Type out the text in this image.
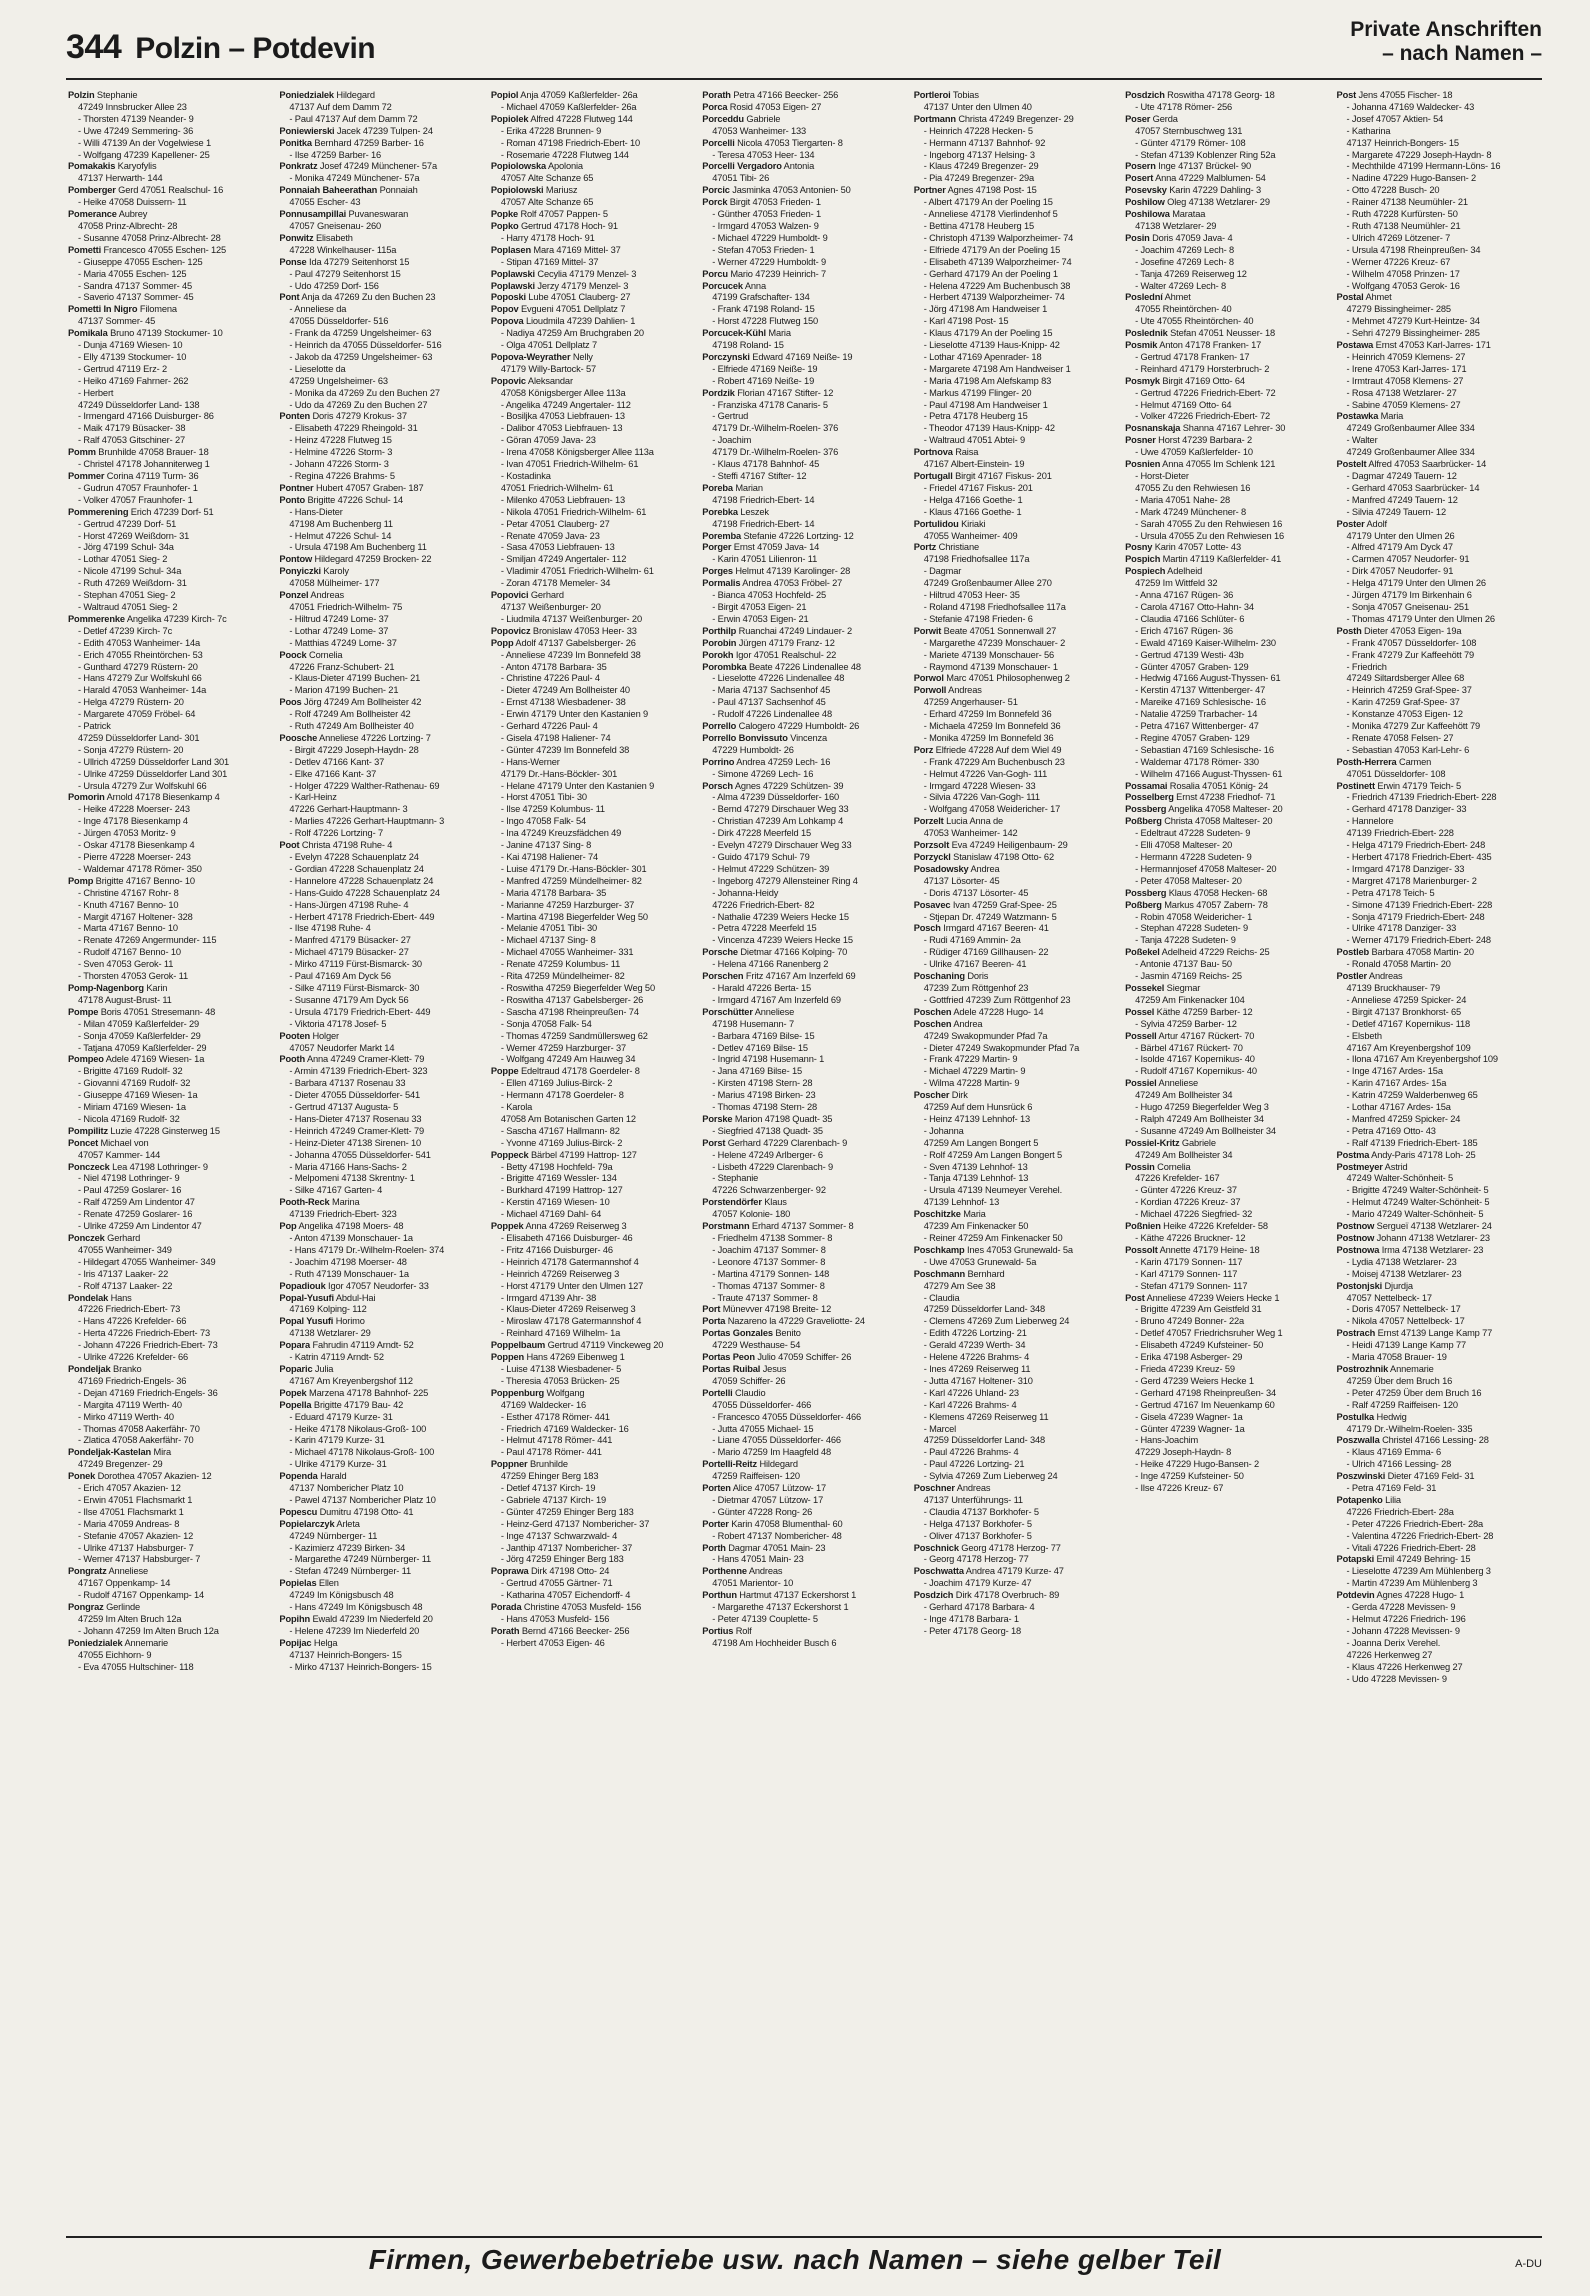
344 Polzin – Potdevin
Private Anschriften
– nach Namen –
Polzin Stephanie
47249 Innsbrucker Allee 23
- Thorsten 47139 Neander- 9
- Uwe 47249 Semmering- 36
- Willi 47139 An der Vogelwiese 1
- Wolfgang 47239 Kapellener- 25
Pomakakis Karyofylis
47137 Herwarth- 144
Pomberger Gerd 47051 Realschul- 16
- Heike 47058 Duissern- 11
Pomerance Aubrey
47058 Prinz-Albrecht- 28
- Susanne 47058 Prinz-Albrecht- 28
Pometti Francesco 47055 Eschen- 125
- Giuseppe 47055 Eschen- 125
- Maria 47055 Eschen- 125
- Sandra 47137 Sommer- 45
- Saverio 47137 Sommer- 45
Pometti In Nigro Filomena
47137 Sommer- 45
Pomikala Bruno 47139 Stockumer- 10
- Dunja 47169 Wiesen- 10
- Elly 47139 Stockumer- 10
- Gertrud 47119 Erz- 2
- Heiko 47169 Fahrner- 262
- Herbert
47249 Düsseldorfer Land- 138
- Irmengard 47166 Duisburger- 86
- Maik 47179 Büsacker- 38
- Ralf 47053 Gitschiner- 27
Pomm Brunhilde 47058 Brauer- 18
- Christel 47178 Johanniterweg 1
Pommer Corina 47119 Turm- 36
- Gudrun 47057 Fraunhofer- 1
- Volker 47057 Fraunhofer- 1
Pommerening Erich 47239 Dorf- 51
- Gertrud 47239 Dorf- 51
- Horst 47269 Weißdorn- 31
- Jörg 47199 Schul- 34a
- Lothar 47051 Sieg- 2
- Nicole 47199 Schul- 34a
- Ruth 47269 Weißdorn- 31
- Stephan 47051 Sieg- 2
- Waltraud 47051 Sieg- 2
Pommerenke Angelika 47239 Kirch- 7c
- Detlef 47239 Kirch- 7c
- Edith 47053 Wanheimer- 14a
- Erich 47055 Rheintörchen- 53
- Gunthard 47279 Rüstern- 20
- Hans 47279 Zur Wolfskuhl 66
- Harald 47053 Wanheimer- 14a
- Helga 47279 Rüstern- 20
- Margarete 47059 Fröbel- 64
- Patrick
47259 Düsseldorfer Land- 301
- Sonja 47279 Rüstern- 20
- Ullrich 47259 Düsseldorfer Land 301
- Ulrike 47259 Düsseldorfer Land 301
- Ursula 47279 Zur Wolfskuhl 66
Pomorin Arnold 47178 Biesenkamp 4
- Heike 47228 Moerser- 243
- Inge 47178 Biesenkamp 4
- Jürgen 47053 Moritz- 9
- Oskar 47178 Biesenkamp 4
- Pierre 47228 Moerser- 243
- Waldemar 47178 Römer- 350
Pomp Brigitte 47167 Benno- 10
- Christine 47167 Rohr- 8
- Knuth 47167 Benno- 10
- Margit 47167 Holtener- 328
- Marta 47167 Benno- 10
- Renate 47269 Angermunder- 115
- Rudolf 47167 Benno- 10
- Sven 47053 Gerok- 11
- Thorsten 47053 Gerok- 11
Pomp-Nagenborg Karin
47178 August-Brust- 11
Pompe Boris 47051 Stresemann- 48
- Milan 47059 Kaßlerfelder- 29
- Sonja 47059 Kaßlerfelder- 29
- Tatjana 47059 Kaßlerfelder- 29
Pompeo Adele 47169 Wiesen- 1a
- Brigitte 47169 Rudolf- 32
- Giovanni 47169 Rudolf- 32
- Giuseppe 47169 Wiesen- 1a
- Miriam 47169 Wiesen- 1a
- Nicola 47169 Rudolf- 32
Pompilitz Luzie 47228 Ginsterweg 15
Poncet Michael von
47057 Kammer- 144
Ponczeck Lea 47198 Lothringer- 9
- Niel 47198 Lothringer- 9
- Paul 47259 Goslarer- 16
- Ralf 47259 Am Lindentor 47
- Renate 47259 Goslarer- 16
- Ulrike 47259 Am Lindentor 47
Ponczek Gerhard
47055 Wanheimer- 349
- Hildegart 47055 Wanheimer- 349
- Iris 47137 Laaker- 22
- Rolf 47137 Laaker- 22
Pondelak Hans
47226 Friedrich-Ebert- 73
- Hans 47226 Krefelder- 66
- Herta 47226 Friedrich-Ebert- 73
- Johann 47226 Friedrich-Ebert- 73
- Ulrike 47226 Krefelder- 66
Pondeljak Branko
47169 Friedrich-Engels- 36
- Dejan 47169 Friedrich-Engels- 36
- Margita 47119 Werth- 40
- Mirko 47119 Werth- 40
- Thomas 47058 Aakerfähr- 70
- Zlatica 47058 Aakerfähr- 70
Pondeljak-Kastelan Mira
47249 Bregenzer- 29
Ponek Dorothea 47057 Akazien- 12
- Erich 47057 Akazien- 12
- Erwin 47051 Flachsmarkt 1
- Ilse 47051 Flachsmarkt 1
- Maria 47059 Andreas- 8
- Stefanie 47057 Akazien- 12
- Ulrike 47137 Habsburger- 7
- Werner 47137 Habsburger- 7
Pongratz Anneliese
47167 Oppenkamp- 14
- Rudolf 47167 Oppenkamp- 14
Pongraz Gerlinde
47259 Im Alten Bruch 12a
- Johann 47259 Im Alten Bruch 12a
Poniedzialek Annemarie
47055 Eichhorn- 9
- Eva 47055 Hultschiner- 118
Poniedzialek Hildegard
47137 Auf dem Damm 72
- Paul 47137 Auf dem Damm 72
Poniewierski Jacek 47239 Tulpen- 24
Ponitka Bernhard 47259 Barber- 16
- Ilse 47259 Barber- 16
Ponkratz Josef 47249 Münchener- 57a
- Monika 47249 Münchener- 57a
Ponnaiah Baheerathan Ponnaiah
47055 Escher- 43
Ponnusampillai Puvaneswaran
47057 Gneisenau- 260
Ponwitz Elisabeth
47228 Winkelhauser- 115a
Ponse Ida 47279 Seitenhorst 15
- Paul 47279 Seitenhorst 15
- Udo 47259 Dorf- 156
Pont Anja da 47269 Zu den Buchen 23
- Anneliese da
47055 Düsseldorfer- 516
- Frank da 47259 Ungelsheimer- 63
- Heinrich da 47055 Düsseldorfer- 516
- Jakob da 47259 Ungelsheimer- 63
- Lieselotte da
47259 Ungelsheimer- 63
- Monika da 47269 Zu den Buchen 27
- Udo da 47269 Zu den Buchen 27
Ponten Doris 47279 Krokus- 37
- Elisabeth 47229 Rheingold- 31
- Heinz 47228 Flutweg 15
- Helmine 47226 Storm- 3
- Johann 47226 Storm- 3
- Regina 47226 Brahms- 5
Pontner Hubert 47057 Graben- 187
Ponto Brigitte 47226 Schul- 14
- Hans-Dieter
47198 Am Buchenberg 11
- Helmut 47226 Schul- 14
- Ursula 47198 Am Buchenberg 11
Pontow Hildegard 47259 Brocken- 22
Ponyiczki Karoly
47058 Mülheimer- 177
Ponzel Andreas
47051 Friedrich-Wilhelm- 75
- Hiltrud 47249 Lome- 37
- Lothar 47249 Lome- 37
- Matthias 47249 Lome- 37
Poock Cornelia
47226 Franz-Schubert- 21
- Klaus-Dieter 47199 Buchen- 21
- Marion 47199 Buchen- 21
Poos Jörg 47249 Am Bollheister 42
- Rolf 47249 Am Bollheister 42
- Ruth 47249 Am Bollheister 40
Poosche Anneliese 47226 Lortzing- 7
- Birgit 47229 Joseph-Haydn- 28
- Detlev 47166 Kant- 37
- Elke 47166 Kant- 37
- Holger 47229 Walther-Rathenau- 69
- Karl-Heinz
47226 Gerhart-Hauptmann- 3
- Marlies 47226 Gerhart-Hauptmann- 3
- Rolf 47226 Lortzing- 7
Poot Christa 47198 Ruhe- 4
- Evelyn 47228 Schauenplatz 24
- Gordian 47228 Schauenplatz 24
- Hannelore 47228 Schauenplatz 24
- Hans-Guido 47228 Schauenplatz 24
- Hans-Jürgen 47198 Ruhe- 4
- Herbert 47178 Friedrich-Ebert- 449
- Ilse 47198 Ruhe- 4
- Manfred 47179 Büsacker- 27
- Michael 47179 Büsacker- 27
- Mirko 47119 Fürst-Bismarck- 30
- Paul 47169 Am Dyck 56
- Silke 47119 Fürst-Bismarck- 30
- Susanne 47179 Am Dyck 56
- Ursula 47179 Friedrich-Ebert- 449
- Viktoria 47178 Josef- 5
Pooten Holger
47057 Neudorfer Markt 14
Pooth Anna 47249 Cramer-Klett- 79
- Armin 47139 Friedrich-Ebert- 323
- Barbara 47137 Rosenau 33
- Dieter 47055 Düsseldorfer- 541
- Gertrud 47137 Augusta- 5
- Hans-Dieter 47137 Rosenau 33
- Heinrich 47249 Cramer-Klett- 79
- Heinz-Dieter 47138 Sirenen- 10
- Johanna 47055 Düsseldorfer- 541
- Maria 47166 Hans-Sachs- 2
- Melpomeni 47138 Skrentny- 1
- Silke 47167 Garten- 4
Pooth-Reck Marina
47139 Friedrich-Ebert- 323
Pop Angelika 47198 Moers- 48
- Anton 47139 Monschauer- 1a
- Hans 47179 Dr.-Wilhelm-Roelen- 374
- Joachim 47198 Moerser- 48
- Ruth 47139 Monschauer- 1a
Popadiouk Igor 47057 Neudorfer- 33
Popal-Yusufi Abdul-Hai
47169 Kolping- 112
Popal Yusufi Horimo
47138 Wetzlarer- 29
Popara Fahrudin 47119 Arndt- 52
- Katrin 47119 Arndt- 52
Poparic Julia
47167 Am Kreyenbergshof 112
Popek Marzena 47178 Bahnhof- 225
Popella Brigitte 47179 Bau- 42
- Eduard 47179 Kurze- 31
- Heike 47178 Nikolaus-Groß- 100
- Karin 47179 Kurze- 31
- Michael 47178 Nikolaus-Groß- 100
- Ulrike 47179 Kurze- 31
Popenda Harald
47137 Nombericher Platz 10
- Pawel 47137 Nombericher Platz 10
Popescu Dumitru 47198 Otto- 41
Popielarczyk Arleta
47249 Nürnberger- 11
- Kazimierz 47239 Birken- 34
- Margarethe 47249 Nürnberger- 11
- Stefan 47249 Nürnberger- 11
Popielas Ellen
47249 Im Königsbusch 48
- Hans 47249 Im Königsbusch 48
Popihn Ewald 47239 Im Niederfeld 20
- Helene 47239 Im Niederfeld 20
Popijac Helga
47137 Heinrich-Bongers- 15
- Mirko 47137 Heinrich-Bongers- 15
Popiol Anja 47059 Kaßlerfelder- 26a
- Michael 47059 Kaßlerfelder- 26a
Popiolek Alfred 47228 Flutweg 144
- Erika 47228 Brunnen- 9
- Roman 47198 Friedrich-Ebert- 10
- Rosemarie 47228 Flutweg 144
Popiolowska Apolonia
47057 Alte Schanze 65
Popiolowski Mariusz
47057 Alte Schanze 65
Popke Rolf 47057 Pappen- 5
Popko Gertrud 47178 Hoch- 91
- Harry 47178 Hoch- 91
Poplasen Mara 47169 Mittel- 37
- Stipan 47169 Mittel- 37
Poplawski Cecylia 47179 Menzel- 3
Poplawski Jerzy 47179 Menzel- 3
Poposki Lube 47051 Clauberg- 27
Popov Evgueni 47051 Dellplatz 7
Popova Lioudmila 47239 Dahlien- 1
- Nadiya 47259 Am Bruchgraben 20
- Olga 47051 Dellplatz 7
Popova-Weyrather Nelly
47179 Willy-Bartock- 57
Popovic Aleksandar
47058 Königsberger Allee 113a
- Angelika 47249 Angertaler- 112
- Bosiljka 47053 Liebfrauen- 13
- Dalibor 47053 Liebfrauen- 13
- Göran 47059 Java- 23
- Irena 47058 Königsberger Allee 113a
- Ivan 47051 Friedrich-Wilhelm- 61
- Kostadinka
47051 Friedrich-Wilhelm- 61
- Milenko 47053 Liebfrauen- 13
- Nikola 47051 Friedrich-Wilhelm- 61
- Petar 47051 Clauberg- 27
- Renate 47059 Java- 23
- Sasa 47053 Liebfrauen- 13
- Smiljan 47249 Angertaler- 112
- Vladimir 47051 Friedrich-Wilhelm- 61
- Zoran 47178 Memeler- 34
Popovici Gerhard
47137 Weißenburger- 20
- Liudmila 47137 Weißenburger- 20
Popovicz Bronislaw 47053 Heer- 33
Popp Adolf 47137 Gabelsberger- 26
- Anneliese 47239 Im Bonnefeld 38
- Anton 47178 Barbara- 35
- Christine 47226 Paul- 4
- Dieter 47249 Am Bollheister 40
- Ernst 47138 Wiesbadener- 38
- Erwin 47179 Unter den Kastanien 9
- Gerhard 47226 Paul- 4
- Gisela 47198 Haliener- 74
- Günter 47239 Im Bonnefeld 38
- Hans-Werner
47179 Dr.-Hans-Böckler- 301
- Helane 47179 Unter den Kastanien 9
- Horst 47051 Tibi- 30
- Ilse 47259 Kolumbus- 11
- Ingo 47058 Falk- 54
- Ina 47249 Kreuzsfädchen 49
- Janine 47137 Sing- 8
- Kai 47198 Haliener- 74
- Luise 47179 Dr.-Hans-Böckler- 301
- Manfred 47259 Mündelheimer- 82
- Maria 47178 Barbara- 35
- Marianne 47259 Harzburger- 37
- Martina 47198 Biegerfelder Weg 50
- Melanie 47051 Tibi- 30
- Michael 47137 Sing- 8
- Michael 47055 Wanheimer- 331
- Renate 47259 Kolumbus- 11
- Rita 47259 Mündelheimer- 82
- Roswitha 47259 Biegerfelder Weg 50
- Roswitha 47137 Gabelsberger- 26
- Sascha 47198 Rheinpreußen- 74
- Sonja 47058 Falk- 54
- Thomas 47259 Sandmüllersweg 62
- Werner 47259 Harzburger- 37
- Wolfgang 47249 Am Hauweg 34
Poppe Edeltraud 47178 Goerdeler- 8
- Ellen 47169 Julius-Birck- 2
- Hermann 47178 Goerdeler- 8
- Karola
47058 Am Botanischen Garten 12
- Sascha 47167 Hallmann- 82
- Yvonne 47169 Julius-Birck- 2
Poppeck Bärbel 47199 Hattrop- 127
- Betty 47198 Hochfeld- 79a
- Brigitte 47169 Wessler- 134
- Burkhard 47199 Hattrop- 127
- Kerstin 47169 Wiesen- 10
- Michael 47169 Dahl- 64
Poppek Anna 47269 Reiserweg 3
- Elisabeth 47166 Duisburger- 46
- Fritz 47166 Duisburger- 46
- Heinrich 47178 Gatermannshof 4
- Heinrich 47269 Reiserweg 3
- Horst 47179 Unter den Ulmen 127
- Irmgard 47139 Ahr- 38
- Klaus-Dieter 47269 Reiserweg 3
- Miroslaw 47178 Gatermannshof 4
- Reinhard 47169 Wilhelm- 1a
Poppelbaum Gertrud 47119 Vinckeweg 20
Poppen Hans 47269 Eibenweg 1
- Luise 47138 Wiesbadener- 5
- Theresia 47053 Brücken- 25
Poppenburg Wolfgang
47169 Waldecker- 16
- Esther 47178 Römer- 441
- Friedrich 47169 Waldecker- 16
- Helmut 47178 Römer- 441
- Paul 47178 Römer- 441
Poppner Brunhilde
47259 Ehinger Berg 183
- Detlef 47137 Kirch- 19
- Gabriele 47137 Kirch- 19
- Günter 47259 Ehinger Berg 183
- Heinz-Gerd 47137 Nombericher- 37
- Inge 47137 Schwarzwald- 4
- Janthip 47137 Nombericher- 37
- Jörg 47259 Ehinger Berg 183
Poprawa Dirk 47198 Otto- 24
- Gertrud 47055 Gärtner- 71
- Katharina 47057 Eichendorff- 4
Porada Christine 47053 Musfeld- 156
- Hans 47053 Musfeld- 156
Porath Bernd 47166 Beecker- 256
- Herbert 47053 Eigen- 46
Porath Petra 47166 Beecker- 256
Porca Rosid 47053 Eigen- 27
Porceddu Gabriele
47053 Wanheimer- 133
Porcelli Nicola 47053 Tiergarten- 8
- Teresa 47053 Heer- 134
Porcelli Vergadoro Antonia
47051 Tibi- 26
Porcic Jasminka 47053 Antonien- 50
Porck Birgit 47053 Frieden- 1
- Günther 47053 Frieden- 1
- Irmgard 47053 Walzen- 9
- Michael 47229 Humboldt- 9
- Stefan 47053 Frieden- 1
- Werner 47229 Humboldt- 9
Porcu Mario 47239 Heinrich- 7
Porcucek Anna
47199 Grafschafter- 134
- Frank 47198 Roland- 15
- Horst 47228 Flutweg 150
Porcucek-Kühl Maria
47198 Roland- 15
Porczynski Edward 47169 Neiße- 19
- Elfriede 47169 Neiße- 19
- Robert 47169 Neiße- 19
Pordzik Florian 47167 Stifter- 12
- Franziska 47178 Canaris- 5
- Gertrud
47179 Dr.-Wilhelm-Roelen- 376
- Joachim
47179 Dr.-Wilhelm-Roelen- 376
- Klaus 47178 Bahnhof- 45
- Steffi 47167 Stifter- 12
Poreba Marian
47198 Friedrich-Ebert- 14
Porebka Leszek
47198 Friedrich-Ebert- 14
Poremba Stefanie 47226 Lortzing- 12
Porger Ernst 47059 Java- 14
- Karin 47051 Lilienron- 11
Porges Helmut 47139 Karolinger- 28
Pormalis Andrea 47053 Fröbel- 27
- Bianca 47053 Hochfeld- 25
- Birgit 47053 Eigen- 21
- Erwin 47053 Eigen- 21
Porthilp Ruanchai 47249 Lindauer- 2
Porobin Jürgen 47179 Franz- 12
Porokh Igor 47051 Realschul- 22
Porombka Beate 47226 Lindenallee 48
- Lieselotte 47226 Lindenallee 48
- Maria 47137 Sachsenhof 45
- Paul 47137 Sachsenhof 45
- Rudolf 47226 Lindenallee 48
Porrello Calogero 47229 Humboldt- 26
Porrello Bonvissuto Vincenza
47229 Humboldt- 26
Porrino Andrea 47259 Lech- 16
- Simone 47269 Lech- 16
Porsch Agnes 47229 Schützen- 39
- Alma 47239 Düsseldorfer- 160
- Bernd 47279 Dirschauer Weg 33
- Christian 47239 Am Lohkamp 4
- Dirk 47228 Meerfeld 15
- Evelyn 47279 Dirschauer Weg 33
- Guido 47179 Schul- 79
- Helmut 47229 Schützen- 39
- Ingeborg 47279 Allensteiner Ring 4
- Johanna-Heidy
47226 Friedrich-Ebert- 82
- Nathalie 47239 Weiers Hecke 15
- Petra 47228 Meerfeld 15
- Vincenza 47239 Weiers Hecke 15
Porsche Dietmar 47166 Kolping- 70
- Helena 47166 Ranenberg 2
Porschen Fritz 47167 Am Inzerfeld 69
- Harald 47226 Berta- 15
- Irmgard 47167 Am Inzerfeld 69
Porschütter Anneliese
47198 Husemann- 7
- Barbara 47169 Bilse- 15
- Detlev 47169 Bilse- 15
- Ingrid 47198 Husemann- 1
- Jana 47169 Bilse- 15
- Kirsten 47198 Stern- 28
- Marius 47198 Birken- 23
- Thomas 47198 Stern- 28
Porske Marion 47198 Quadt- 35
- Siegfried 47138 Quadt- 35
Porst Gerhard 47229 Clarenbach- 9
- Helene 47249 Arlberger- 6
- Lisbeth 47229 Clarenbach- 9
- Stephanie
47226 Schwarzenberger- 92
Porstendörfer Klaus
47057 Kolonie- 180
Porstmann Erhard 47137 Sommer- 8
- Friedhelm 47138 Sommer- 8
- Joachim 47137 Sommer- 8
- Leonore 47137 Sommer- 8
- Martina 47179 Sonnen- 148
- Thomas 47137 Sommer- 8
- Traute 47137 Sommer- 8
Port Münevver 47198 Breite- 12
Porta Nazareno la 47229 Graveliotte- 24
Portas Gonzales Benito
47229 Westhause- 54
Portas Peon Julio 47059 Schiffer- 26
Portas Ruibal Jesus
47059 Schiffer- 26
Portelli Claudio
47055 Düsseldorfer- 466
- Francesco 47055 Düsseldorfer- 466
- Jutta 47055 Michael- 15
- Liane 47055 Düsseldorfer- 466
- Mario 47259 Im Haagfeld 48
Portelli-Reitz Hildegard
47259 Raiffeisen- 120
Porten Alice 47057 Lützow- 17
- Dietmar 47057 Lützow- 17
- Günter 47228 Rong- 26
Porter Karin 47058 Blumenthal- 60
- Robert 47137 Nombericher- 48
Porth Dagmar 47051 Main- 23
- Hans 47051 Main- 23
Porthenne Andreas
47051 Marientor- 10
Porthun Hartmut 47137 Eckershorst 1
- Margarethe 47137 Eckershorst 1
- Peter 47139 Couplette- 5
Portius Rolf
47198 Am Hochheider Busch 6
Portleroi Tobias
47137 Unter den Ulmen 40
Portmann Christa 47249 Bregenzer- 29
- Heinrich 47228 Hecken- 5
- Hermann 47137 Bahnhof- 92
- Ingeborg 47137 Helsing- 3
- Klaus 47249 Bregenzer- 29
- Pia 47249 Bregenzer- 29a
Portner Agnes 47198 Post- 15
- Albert 47179 An der Poeling 15
- Anneliese 47178 Vierlindenhof 5
- Bettina 47178 Heuberg 15
- Christoph 47139 Walporzheimer- 74
- Elfriede 47179 An der Poeling 15
- Elisabeth 47139 Walporzheimer- 74
- Gerhard 47179 An der Poeling 1
- Helena 47229 Am Buchenbusch 38
- Herbert 47139 Walporzheimer- 74
- Jörg 47198 Am Handweiser 1
- Karl 47198 Post- 15
- Klaus 47179 An der Poeling 15
- Lieselotte 47139 Haus-Knipp- 42
- Lothar 47169 Apenrader- 18
- Margarete 47198 Am Handweiser 1
- Maria 47198 Am Alefskamp 83
- Markus 47199 Flinger- 20
- Paul 47198 Am Handweiser 1
- Petra 47178 Heuberg 15
- Theodor 47139 Haus-Knipp- 42
- Waltraud 47051 Abtei- 9
Portnova Raisa
47167 Albert-Einstein- 19
Portugall Birgit 47167 Fiskus- 201
- Friedel 47167 Fiskus- 201
- Helga 47166 Goethe- 1
- Klaus 47166 Goethe- 1
Portulidou Kiriaki
47055 Wanheimer- 409
Portz Christiane
47198 Friedhofsallee 117a
- Dagmar
47249 Großenbaumer Allee 270
- Hiltrud 47053 Heer- 35
- Roland 47198 Friedhofsallee 117a
- Stefanie 47198 Frieden- 6
Porwit Beate 47051 Sonnenwall 27
- Margarethe 47239 Monschauer- 2
- Mariete 47139 Monschauer- 56
- Raymond 47139 Monschauer- 1
Porwol Marc 47051 Philosophenweg 2
Porwoll Andreas
47259 Angerhauser- 51
- Erhard 47259 Im Bonnefeld 36
- Michaela 47259 Im Bonnefeld 36
- Monika 47259 Im Bonnefeld 36
Porz Elfriede 47228 Auf dem Wiel 49
- Frank 47229 Am Buchenbusch 23
- Helmut 47226 Van-Gogh- 111
- Irmgard 47228 Wiesen- 33
- Silvia 47226 Van-Gogh- 111
- Wolfgang 47058 Weidericher- 17
Porzelt Lucia Anna de
47053 Wanheimer- 142
Porzsolt Eva 47249 Heiligenbaum- 29
Porzyckl Stanislaw 47198 Otto- 62
Posadowsky Andrea
47137 Lösorter- 45
- Doris 47137 Lösorter- 45
Posavec Ivan 47259 Graf-Spee- 25
- Stjepan Dr. 47249 Watzmann- 5
Posch Irmgard 47167 Beeren- 41
- Rudi 47169 Ammin- 2a
- Rüdiger 47169 Gillhausen- 22
- Ulrike 47167 Beeren- 41
Poschaning Doris
47239 Zum Röttgenhof 23
- Gottfried 47239 Zum Röttgenhof 23
Poschen Adele 47228 Hugo- 14
Poschen Andrea
47249 Swakopmunder Pfad 7a
- Dieter 47249 Swakopmunder Pfad 7a
- Frank 47229 Martin- 9
- Michael 47229 Martin- 9
- Wilma 47228 Martin- 9
Poscher Dirk
47259 Auf dem Hunsrück 6
- Heinz 47139 Lehnhof- 13
- Johanna
47259 Am Langen Bongert 5
- Rolf 47259 Am Langen Bongert 5
- Sven 47139 Lehnhof- 13
- Tanja 47139 Lehnhof- 13
- Ursula 47139 Neumeyer Verehel.
47139 Lehnhof- 13
Poschitzke Maria
47239 Am Finkenacker 50
- Reiner 47259 Am Finkenacker 50
Poschkamp Ines 47053 Grunewald- 5a
- Uwe 47053 Grunewald- 5a
Poschmann Bernhard
47279 Am See 38
- Claudia
47259 Düsseldorfer Land- 348
- Clemens 47269 Zum Lieberweg 24
- Edith 47226 Lortzing- 21
- Gerald 47239 Werth- 34
- Helene 47226 Brahms- 4
- Ines 47269 Reiserweg 11
- Jutta 47167 Holtener- 310
- Karl 47226 Uhland- 23
- Karl 47226 Brahms- 4
- Klemens 47269 Reiserweg 11
- Marcel
47259 Düsseldorfer Land- 348
- Paul 47226 Brahms- 4
- Paul 47226 Lortzing- 21
- Sylvia 47269 Zum Lieberweg 24
Poschner Andreas
47137 Unterführungs- 11
- Claudia 47137 Borkhofer- 5
- Helga 47137 Borkhofer- 5
- Oliver 47137 Borkhofer- 5
Poschnick Georg 47178 Herzog- 77
- Georg 47178 Herzog- 77
Poschwatta Andrea 47179 Kurze- 47
- Joachim 47179 Kurze- 47
Posdzich Dirk 47178 Overbruch- 89
- Gerhard 47178 Barbara- 4
- Inge 47178 Barbara- 1
- Peter 47178 Georg- 18
Posdzich Roswitha 47178 Georg- 18
- Ute 47178 Römer- 256
Poser Gerda
47057 Sternbuschweg 131
- Günter 47179 Römer- 108
- Stefan 47139 Koblenzer Ring 52a
Posern Inge 47137 Brückel- 90
Posert Anna 47229 Malblumen- 54
Posevsky Karin 47229 Dahling- 3
Poshilow Oleg 47138 Wetzlarer- 29
Poshilowa Marataa
47138 Wetzlarer- 29
Posin Doris 47059 Java- 4
- Joachim 47269 Lech- 8
- Josefine 47269 Lech- 8
- Tanja 47269 Reiserweg 12
- Walter 47269 Lech- 8
Poslední Ahmet
47055 Rheintörchen- 40
- Ute 47055 Rheintörchen- 40
Poslednik Stefan 47051 Neusser- 18
Posmik Anton 47178 Franken- 17
- Gertrud 47178 Franken- 17
- Reinhard 47179 Horsterbruch- 2
Posmyk Birgit 47169 Otto- 64
- Gertrud 47226 Friedrich-Ebert- 72
- Helmut 47169 Otto- 64
- Volker 47226 Friedrich-Ebert- 72
Posnanskaja Shanna 47167 Lehrer- 30
Posner Horst 47239 Barbara- 2
- Uwe 47059 Kaßlerfelder- 10
Posnien Anna 47055 Im Schlenk 121
- Horst-Dieter
47055 Zu den Rehwiesen 16
- Maria 47051 Nahe- 28
- Mark 47249 Münchener- 8
- Sarah 47055 Zu den Rehwiesen 16
- Ursula 47055 Zu den Rehwiesen 16
Posny Karin 47057 Lotte- 43
Pospich Martin 47119 Kaßlerfelder- 41
Pospiech Adelheid
47259 Im Wittfeld 32
- Anna 47167 Rügen- 36
- Carola 47167 Otto-Hahn- 34
- Claudia 47166 Schlüter- 6
- Erich 47167 Rügen- 36
- Ewald 47169 Kaiser-Wilhelm- 230
- Gertrud 47139 Westi- 43b
- Günter 47057 Graben- 129
- Hedwig 47166 August-Thyssen- 61
- Kerstin 47137 Wittenberger- 47
- Mareike 47169 Schlesische- 16
- Natalie 47259 Trarbacher- 14
- Petra 47167 Wittenberger- 47
- Regine 47057 Graben- 129
- Sebastian 47169 Schlesische- 16
- Waldemar 47178 Römer- 330
- Wilhelm 47166 August-Thyssen- 61
Possamai Rosalia 47051 König- 24
Posselberg Ernst 47238 Friedhof- 71
Possberg Angelika 47058 Malteser- 20
Poßberg Christa 47058 Malteser- 20
- Edeltraut 47228 Sudeten- 9
- Elli 47058 Malteser- 20
- Hermann 47228 Sudeten- 9
- Hermannjosef 47058 Malteser- 20
- Peter 47058 Malteser- 20
Possberg Klaus 47058 Hecken- 68
Poßberg Markus 47057 Zabern- 78
- Robin 47058 Weidericher- 1
- Stephan 47228 Sudeten- 9
- Tanja 47228 Sudeten- 9
Poßekel Adelheid 47229 Reichs- 25
- Antonie 47137 Bau- 50
- Jasmin 47169 Reichs- 25
Possekel Siegmar
47259 Am Finkenacker 104
Possel Käthe 47259 Barber- 12
- Sylvia 47259 Barber- 12
Possell Artur 47167 Rückert- 70
- Bärbel 47167 Rückert- 70
- Isolde 47167 Kopernikus- 40
- Rudolf 47167 Kopernikus- 40
Possiel Anneliese
47249 Am Bollheister 34
- Hugo 47259 Biegerfelder Weg 3
- Ralph 47249 Am Bollheister 34
- Susanne 47249 Am Bollheister 34
Possiel-Kritz Gabriele
47249 Am Bollheister 34
Possin Cornelia
47226 Krefelder- 167
- Günter 47226 Kreuz- 37
- Kordian 47226 Kreuz- 37
- Michael 47226 Siegfried- 32
Poßnien Heike 47226 Krefelder- 58
- Käthe 47226 Bruckner- 12
Possolt Annette 47179 Heine- 18
- Karin 47179 Sonnen- 117
- Karl 47179 Sonnen- 117
- Stefan 47179 Sonnen- 117
Post Anneliese 47239 Weiers Hecke 1
- Brigitte 47239 Am Geistfeld 31
- Bruno 47249 Bonner- 22a
- Detlef 47057 Friedrichsruher Weg 1
- Elisabeth 47249 Kufsteiner- 50
- Erika 47198 Asberger- 29
- Frieda 47239 Kreuz- 59
- Gerd 47239 Weiers Hecke 1
- Gerhard 47198 Rheinpreußen- 34
- Gertrud 47167 Im Neuenkamp 60
- Gisela 47239 Wagner- 1a
- Günter 47239 Wagner- 1a
- Hans-Joachim
47229 Joseph-Haydn- 8
- Heike 47229 Hugo-Bansen- 2
- Inge 47259 Kufsteiner- 50
- Ilse 47226 Kreuz- 67
Post Jens 47055 Fischer- 18
- Johanna 47169 Waldecker- 43
- Josef 47057 Aktien- 54
- Katharina
47137 Heinrich-Bongers- 15
- Margarete 47229 Joseph-Haydn- 8
- Mechthilde 47199 Hermann-Löns- 16
- Nadine 47229 Hugo-Bansen- 2
- Otto 47228 Busch- 20
- Rainer 47138 Neumühler- 21
- Ruth 47228 Kurfürsten- 50
- Ruth 47138 Neumühler- 21
- Ulrich 47269 Lötzener- 7
- Ursula 47198 Rheinpreußen- 34
- Werner 47226 Kreuz- 67
- Wilhelm 47058 Prinzen- 17
- Wolfgang 47053 Gerok- 16
Postal Ahmet
47279 Bissingheimer- 285
- Mehmet 47279 Kurt-Heintze- 34
- Sehri 47279 Bissingheimer- 285
Postawa Ernst 47053 Karl-Jarres- 171
- Heinrich 47059 Klemens- 27
- Irene 47053 Karl-Jarres- 171
- Irmtraut 47058 Klemens- 27
- Rosa 47138 Wetzlarer- 27
- Sabine 47059 Klemens- 27
Postawka Maria
47249 Großenbaumer Allee 334
- Walter
47249 Großenbaumer Allee 334
Postelt Alfred 47053 Saarbrücker- 14
- Dagmar 47249 Tauern- 12
- Gerhard 47053 Saarbrücker- 14
- Manfred 47249 Tauern- 12
- Silvia 47249 Tauern- 12
Poster Adolf
47179 Unter den Ulmen 26
- Alfred 47179 Am Dyck 47
- Carmen 47057 Neudorfer- 91
- Dirk 47057 Neudorfer- 91
- Helga 47179 Unter den Ulmen 26
- Jürgen 47179 Im Birkenhain 6
- Sonja 47057 Gneisenau- 251
- Thomas 47179 Unter den Ulmen 26
Posth Dieter 47053 Eigen- 19a
- Frank 47057 Düsseldorfer- 108
- Frank 47279 Zur Kaffeehött 79
- Friedrich
47249 Siltardsberger Allee 68
- Heinrich 47259 Graf-Spee- 37
- Karin 47259 Graf-Spee- 37
- Konstanze 47053 Eigen- 12
- Monika 47279 Zur Kaffeehött 79
- Renate 47058 Felsen- 27
- Sebastian 47053 Karl-Lehr- 6
Posth-Herrera Carmen
47051 Düsseldorfer- 108
Postinett Erwin 47179 Teich- 5
- Friedrich 47139 Friedrich-Ebert- 228
- Gerhard 47178 Danziger- 33
- Hannelore
47139 Friedrich-Ebert- 228
- Helga 47179 Friedrich-Ebert- 248
- Herbert 47178 Friedrich-Ebert- 435
- Irmgard 47178 Danziger- 33
- Margret 47178 Marienburger- 2
- Petra 47178 Teich- 5
- Simone 47139 Friedrich-Ebert- 228
- Sonja 47179 Friedrich-Ebert- 248
- Ulrike 47178 Danziger- 33
- Werner 47179 Friedrich-Ebert- 248
Postleb Barbara 47058 Martin- 20
- Ronald 47058 Martin- 20
Postler Andreas
47139 Bruckhauser- 79
- Anneliese 47259 Spicker- 24
- Birgit 47137 Bronkhorst- 65
- Detlef 47167 Kopernikus- 118
- Elsbeth
47167 Am Kreyenbergshof 109
- Ilona 47167 Am Kreyenbergshof 109
- Inge 47167 Ardes- 15a
- Karin 47167 Ardes- 15a
- Katrin 47259 Walderbenweg 65
- Lothar 47167 Ardes- 15a
- Manfred 47259 Spicker- 24
- Petra 47169 Otto- 43
- Ralf 47139 Friedrich-Ebert- 185
Postma Andy-Paris 47178 Loh- 25
Postmeyer Astrid
47249 Walter-Schönheit- 5
- Brigitte 47249 Walter-Schönheit- 5
- Helmut 47249 Walter-Schönheit- 5
- Mario 47249 Walter-Schönheit- 5
Postnow Sergueï 47138 Wetzlarer- 24
Postnow Johann 47138 Wetzlarer- 23
Postnowa Irma 47138 Wetzlarer- 23
- Lydia 47138 Wetzlarer- 23
- Moisej 47138 Wetzlarer- 23
Postonjski Djurdja
47057 Nettelbeck- 17
- Doris 47057 Nettelbeck- 17
- Nikola 47057 Nettelbeck- 17
Postrach Ernst 47139 Lange Kamp 77
- Heidi 47139 Lange Kamp 77
- Maria 47058 Brauer- 19
Postrozhnik Annemarie
47259 Über dem Bruch 16
- Peter 47259 Über dem Bruch 16
- Ralf 47259 Raiffeisen- 120
Postulka Hedwig
47179 Dr.-Wilhelm-Roelen- 335
Poszwalla Christel 47166 Lessing- 28
- Klaus 47169 Emma- 6
- Ulrich 47166 Lessing- 28
Poszwinski Dieter 47169 Feld- 31
- Petra 47169 Feld- 31
Potapenko Lilia
47226 Friedrich-Ebert- 28a
- Peter 47226 Friedrich-Ebert- 28a
- Valentina 47226 Friedrich-Ebert- 28
- Vitali 47226 Friedrich-Ebert- 28
Potapski Emil 47249 Behring- 15
- Lieselotte 47239 Am Mühlenberg 3
- Martin 47239 Am Mühlenberg 3
Potdevin Agnes 47228 Hugo- 1
- Gerda 47228 Mevissen- 9
- Helmut 47226 Friedrich- 196
- Johann 47228 Mevissen- 9
- Joanna Derix Verehel.
47226 Herkenweg 27
- Klaus 47226 Herkenweg 27
- Udo 47228 Mevissen- 9
Firmen, Gewerbebetriebe usw. nach Namen – siehe gelber Teil	A-DU
